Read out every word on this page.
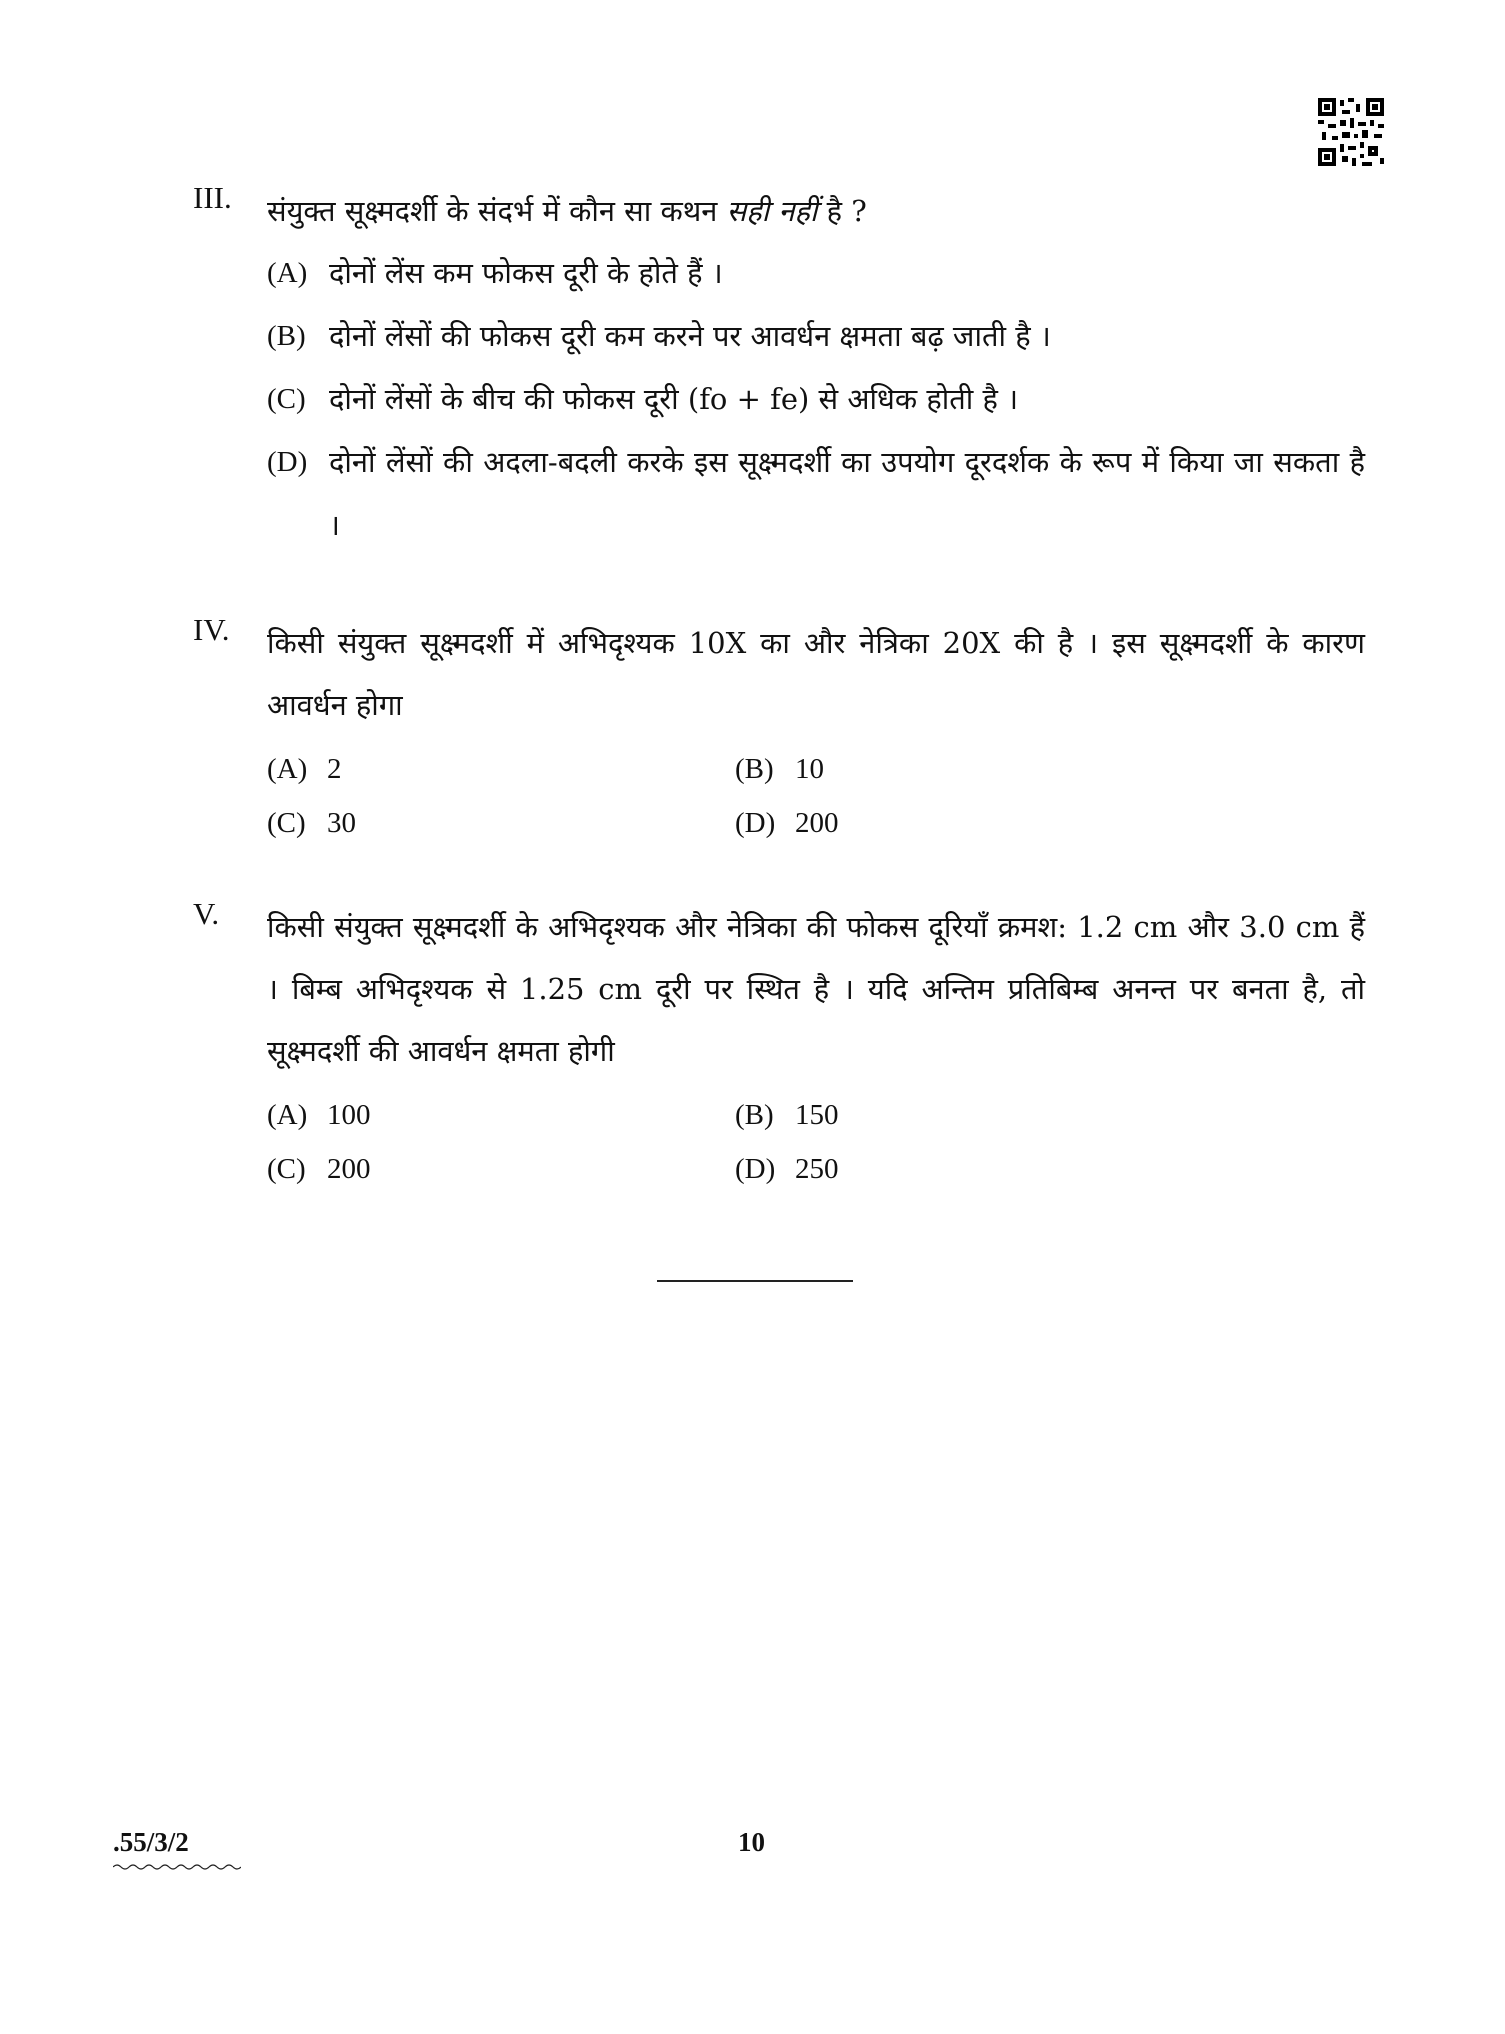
III. संयुक्त सूक्ष्मदर्शी के संदर्भ में कौन सा कथन सही नहीं है ?
(A) दोनों लेंस कम फोकस दूरी के होते हैं ।
(B) दोनों लेंसों की फोकस दूरी कम करने पर आवर्धन क्षमता बढ़ जाती है ।
(C) दोनों लेंसों के बीच की फोकस दूरी (fo + fe) से अधिक होती है ।
(D) दोनों लेंसों की अदला-बदली करके इस सूक्ष्मदर्शी का उपयोग दूरदर्शक के रूप में किया जा सकता है ।
IV. किसी संयुक्त सूक्ष्मदर्शी में अभिदृश्यक 10X का और नेत्रिका 20X की है । इस सूक्ष्मदर्शी के कारण आवर्धन होगा
(A) 2	(B) 10
(C) 30	(D) 200
V. किसी संयुक्त सूक्ष्मदर्शी के अभिदृश्यक और नेत्रिका की फोकस दूरियाँ क्रमश: 1.2 cm और 3.0 cm हैं । बिम्ब अभिदृश्यक से 1.25 cm दूरी पर स्थित है । यदि अन्तिम प्रतिबिम्ब अनन्त पर बनता है, तो सूक्ष्मदर्शी की आवर्धन क्षमता होगी
(A) 100	(B) 150
(C) 200	(D) 250
.55/3/2	10
